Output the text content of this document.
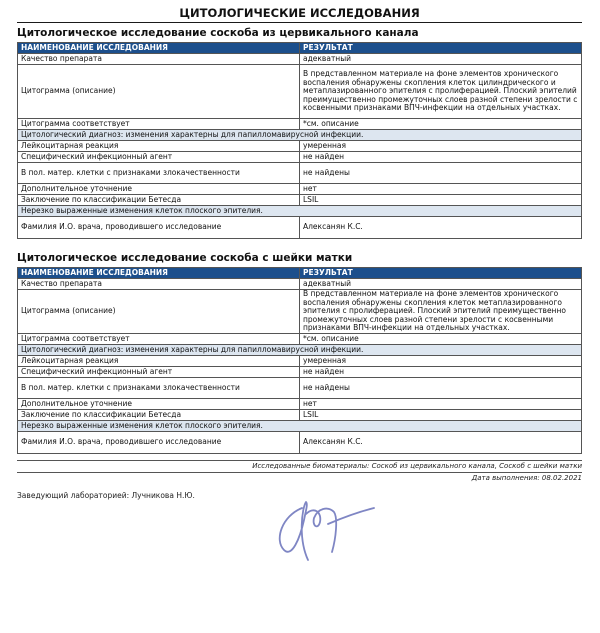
ЦИТОЛОГИЧЕСКИЕ ИССЛЕДОВАНИЯ
Цитологическое исследование соскоба из цервикального канала
НАИМЕНОВАНИЕ ИССЛЕДОВАНИЯ	РЕЗУЛЬТАТ
Качество препарата	адекватный
Цитограмма (описание)	В представленном материале на фоне элементов хронического воспаления обнаружены скопления клеток цилиндрического и метаплазированного эпителия с пролиферацией. Плоский эпителий преимущественно промежуточных слоев разной степени зрелости с косвенными признаками ВПЧ-инфекции на отдельных участках.
Цитограмма соответствует	*см. описание
Цитологический диагноз: изменения характерны для папилломавирусной инфекции.	
Лейкоцитарная реакция	умеренная
Специфический инфекционный агент	не найден
В пол. матер. клетки с признаками злокачественности	не найдены
Дополнительное уточнение	нет
Заключение по классификации Бетесда	LSIL
Нерезко выраженные изменения клеток плоского эпителия.	
Фамилия И.О. врача, проводившего исследование	Алексанян К.С.
Цитологическое исследование соскоба с шейки матки
НАИМЕНОВАНИЕ ИССЛЕДОВАНИЯ	РЕЗУЛЬТАТ
Качество препарата	адекватный
Цитограмма (описание)	В представленном материале на фоне элементов хронического воспаления обнаружены скопления клеток метаплазированного эпителия с пролиферацией. Плоский эпителий преимущественно промежуточных слоев разной степени зрелости с косвенными признаками ВПЧ-инфекции на отдельных участках.
Цитограмма соответствует	*см. описание
Цитологический диагноз: изменения характерны для папилломавирусной инфекции.	
Лейкоцитарная реакция	умеренная
Специфический инфекционный агент	не найден
В пол. матер. клетки с признаками злокачественности	не найдены
Дополнительное уточнение	нет
Заключение по классификации Бетесда	LSIL
Нерезко выраженные изменения клеток плоского эпителия.	
Фамилия И.О. врача, проводившего исследование	Алексанян К.С.
Исследованные биоматериалы: Соскоб из цервикального канала, Соскоб с шейки матки
Дата выполнения: 08.02.2021
Заведующий лабораторией: Лучникова Н.Ю.
